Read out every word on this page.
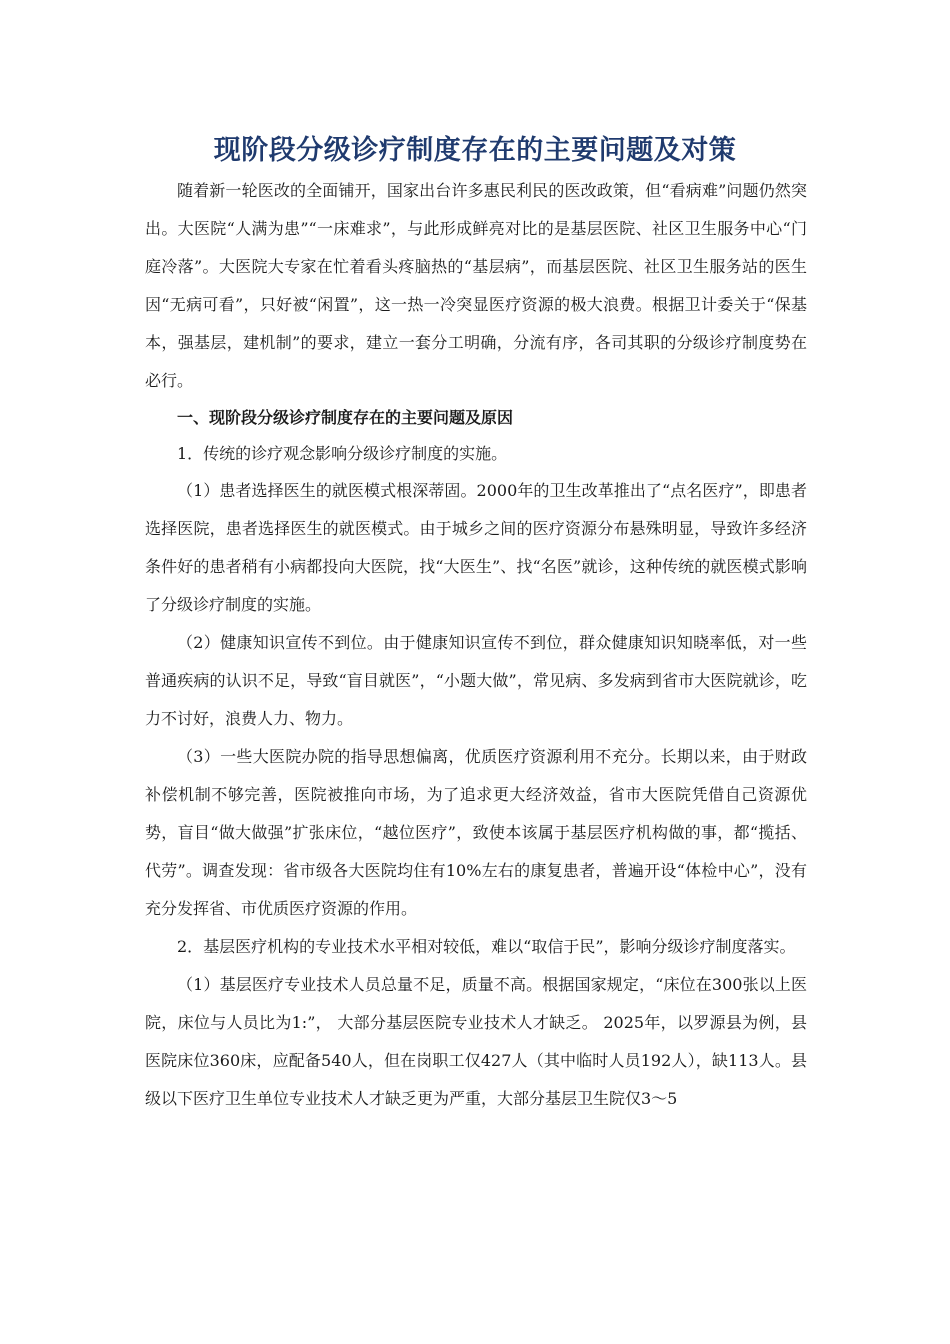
现阶段分级诊疗制度存在的主要问题及对策

随着新一轮医改的全面铺开，国家出台许多惠民利民的医改政策，但“看病难”问题仍然突出。大医院“人满为患”“一床难求”，与此形成鲜亮对比的是基层医院、社区卫生服务中心“门庭冷落”。大医院大专家在忙着看头疼脑热的“基层病”，而基层医院、社区卫生服务站的医生因“无病可看”，只好被“闲置”，这一热一冷突显医疗资源的极大浪费。根据卫计委关于“保基本，强基层，建机制”的要求，建立一套分工明确，分流有序，各司其职的分级诊疗制度势在必行。

一、现阶段分级诊疗制度存在的主要问题及原因

1．传统的诊疗观念影响分级诊疗制度的实施。

（1）患者选择医生的就医模式根深蒂固。2000年的卫生改革推出了“点名医疗”，即患者选择医院，患者选择医生的就医模式。由于城乡之间的医疗资源分布悬殊明显，导致许多经济条件好的患者稍有小病都投向大医院，找“大医生”、找“名医”就诊，这种传统的就医模式影响了分级诊疗制度的实施。

（2）健康知识宣传不到位。由于健康知识宣传不到位，群众健康知识知晓率低，对一些普通疾病的认识不足，导致“盲目就医”，“小题大做”，常见病、多发病到省市大医院就诊，吃力不讨好，浪费人力、物力。

（3）一些大医院办院的指导思想偏离，优质医疗资源利用不充分。长期以来，由于财政补偿机制不够完善，医院被推向市场，为了追求更大经济效益，省市大医院凭借自己资源优势，盲目“做大做强”扩张床位，“越位医疗”，致使本该属于基层医疗机构做的事，都“揽括、代劳”。调查发现：省市级各大医院均住有10%左右的康复患者，普遍开设“体检中心”，没有充分发挥省、市优质医疗资源的作用。

2．基层医疗机构的专业技术水平相对较低，难以“取信于民”，影响分级诊疗制度落实。

（1）基层医疗专业技术人员总量不足，质量不高。根据国家规定，“床位在300张以上医院，床位与人员比为1:”， 大部分基层医院专业技术人才缺乏。 2025年，以罗源县为例，县医院床位360床，应配备540人，但在岗职工仅427人（其中临时人员192人），缺113人。县级以下医疗卫生单位专业技术人才缺乏更为严重，大部分基层卫生院仅3～5
